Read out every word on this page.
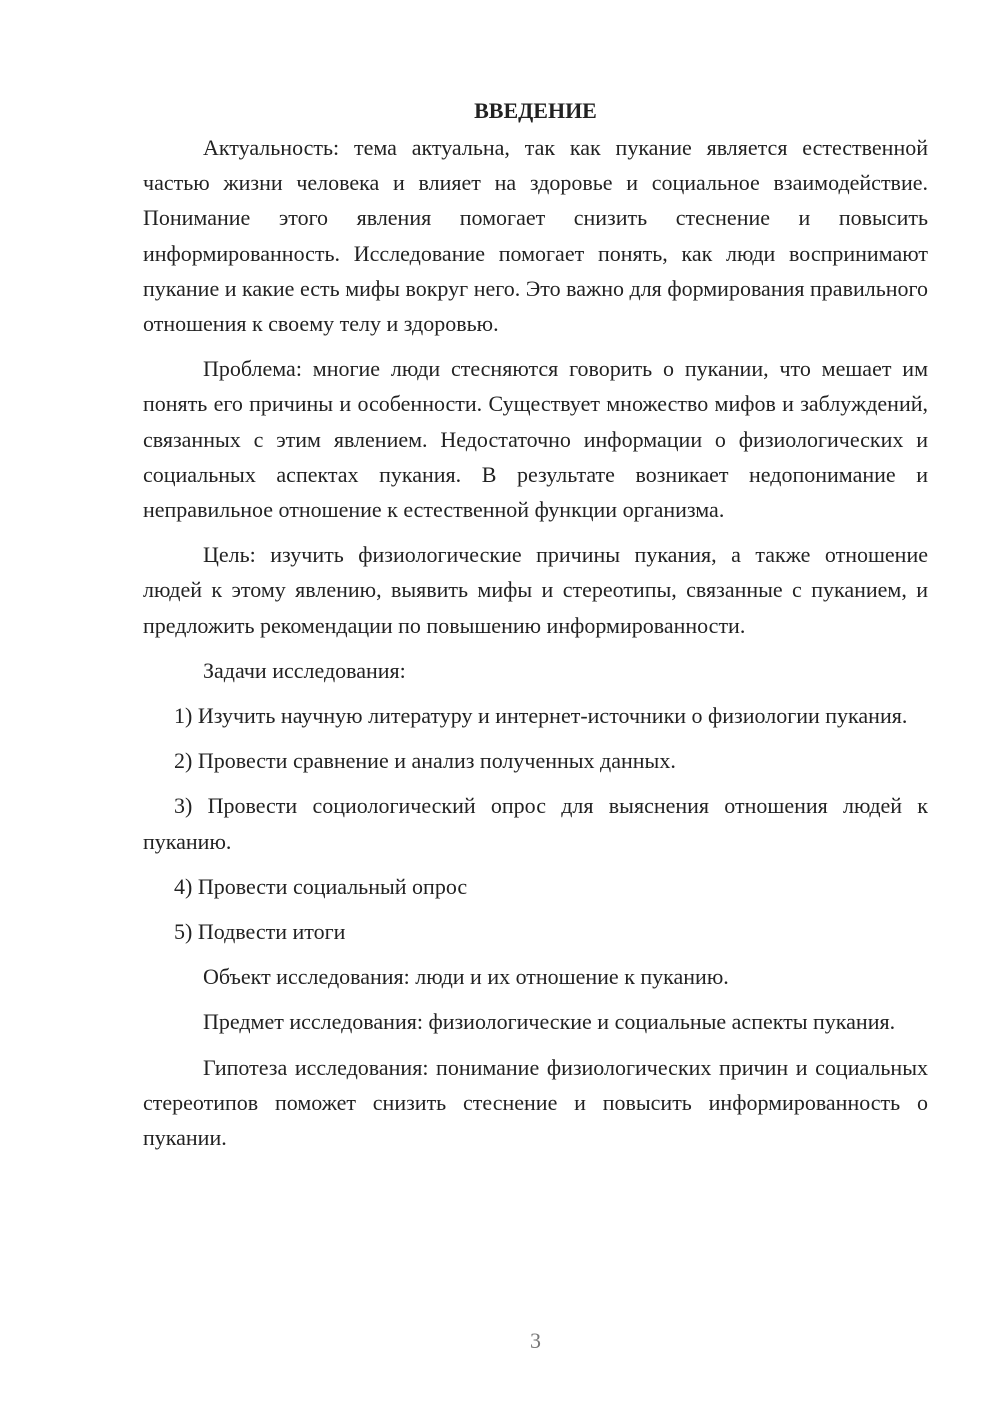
ВВЕДЕНИЕ

Актуальность: тема актуальна, так как пукание является естественной частью жизни человека и влияет на здоровье и социальное взаимодействие. Понимание этого явления помогает снизить стеснение и повысить информированность. Исследование помогает понять, как люди воспринимают пукание и какие есть мифы вокруг него. Это важно для формирования правильного отношения к своему телу и здоровью.

Проблема: многие люди стесняются говорить о пукании, что мешает им понять его причины и особенности. Существует множество мифов и заблуждений, связанных с этим явлением. Недостаточно информации о физиологических и социальных аспектах пукания. В результате возникает недопонимание и неправильное отношение к естественной функции организма.

Цель: изучить физиологические причины пукания, а также отношение людей к этому явлению, выявить мифы и стереотипы, связанные с пуканием, и предложить рекомендации по повышению информированности.

Задачи исследования:

1) Изучить научную литературу и интернет-источники о физиологии пукания.

2) Провести сравнение и анализ полученных данных.

3) Провести социологический опрос для выяснения отношения людей к пуканию.

4) Провести социальный опрос

5) Подвести итоги

Объект исследования: люди и их отношение к пуканию.

Предмет исследования: физиологические и социальные аспекты пукания.

Гипотеза исследования: понимание физиологических причин и социальных стереотипов поможет снизить стеснение и повысить информированность о пукании.

3
